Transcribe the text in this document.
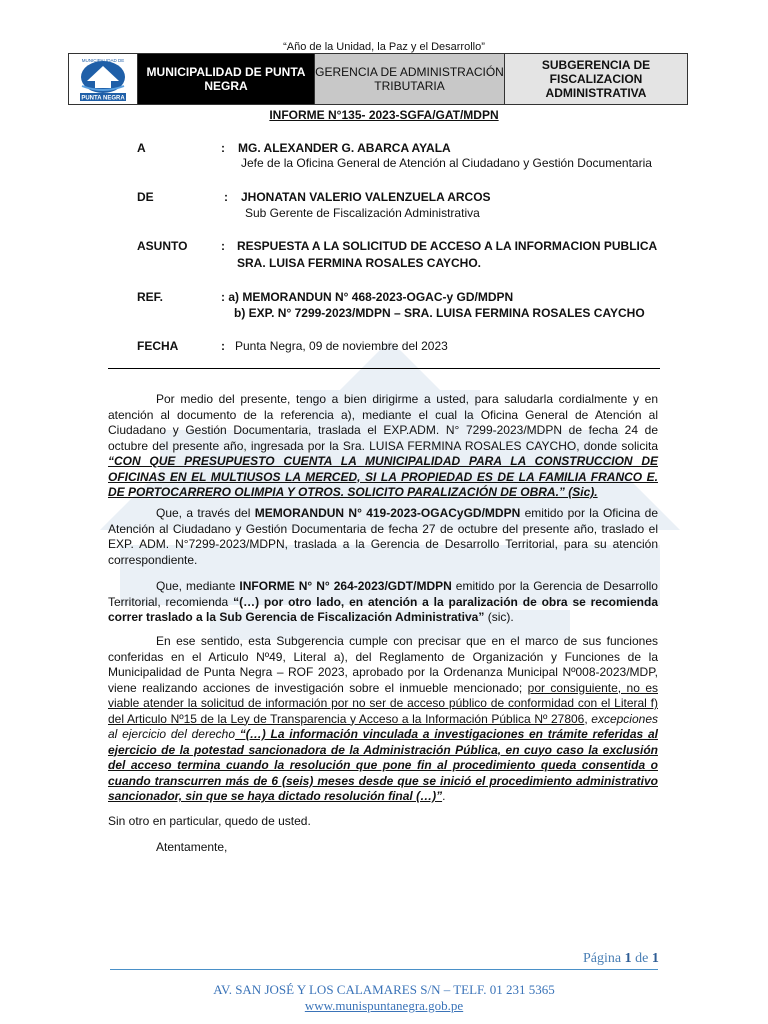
“Año de la Unidad, la Paz y el Desarrollo”
MUNICIPALIDAD DE
PUNTA NEGRA
MUNICIPALIDAD DE PUNTA NEGRA
GERENCIA DE ADMINISTRACIÓN TRIBUTARIA
SUBGERENCIA DE FISCALIZACION ADMINISTRATIVA
INFORME N°135- 2023-SGFA/GAT/MDPN
A	: MG. ALEXANDER G. ABARCA AYALA
Jefe de la Oficina General de Atención al Ciudadano y Gestión Documentaria
DE	: JHONATAN VALERIO VALENZUELA ARCOS
Sub Gerente de Fiscalización Administrativa
ASUNTO	: RESPUESTA A LA SOLICITUD DE ACCESO A LA INFORMACION PUBLICA
SRA. LUISA FERMINA ROSALES CAYCHO.
REF.	: a) MEMORANDUN N° 468-2023-OGAC-y GD/MDPN
b) EXP. N° 7299-2023/MDPN – SRA. LUISA FERMINA ROSALES CAYCHO
FECHA	: Punta Negra, 09 de noviembre del 2023
Por medio del presente, tengo a bien dirigirme a usted, para saludarla cordialmente y en atención al documento de la referencia a), mediante el cual la Oficina General de Atención al Ciudadano y Gestión Documentaria, traslada el EXP.ADM. N° 7299-2023/MDPN de fecha 24 de octubre del presente año, ingresada por la Sra. LUISA FERMINA ROSALES CAYCHO, donde solicita “CON QUE PRESUPUESTO CUENTA LA MUNICIPALIDAD PARA LA CONSTRUCCION DE OFICINAS EN EL MULTIUSOS LA MERCED, SI LA PROPIEDAD ES DE LA FAMILIA FRANCO E. DE PORTOCARRERO OLIMPIA Y OTROS. SOLICITO PARALIZACIÓN DE OBRA.” (Sic).
Que, a través del MEMORANDUN N° 419-2023-OGACyGD/MDPN emitido por la Oficina de Atención al Ciudadano y Gestión Documentaria de fecha 27 de octubre del presente año, traslado el EXP. ADM. N°7299-2023/MDPN, traslada a la Gerencia de Desarrollo Territorial, para su atención correspondiente.
Que, mediante INFORME N° N° 264-2023/GDT/MDPN emitido por la Gerencia de Desarrollo Territorial, recomienda “(…) por otro lado, en atención a la paralización de obra se recomienda correr traslado a la Sub Gerencia de Fiscalización Administrativa” (sic).
En ese sentido, esta Subgerencia cumple con precisar que en el marco de sus funciones conferidas en el Articulo Nº49, Literal a), del Reglamento de Organización y Funciones de la Municipalidad de Punta Negra – ROF 2023, aprobado por la Ordenanza Municipal Nº008-2023/MDP, viene realizando acciones de investigación sobre el inmueble mencionado; por consiguiente, no es viable atender la solicitud de información por no ser de acceso público de conformidad con el Literal f) del Articulo Nº15 de la Ley de Transparencia y Acceso a la Información Pública Nº 27806, excepciones al ejercicio del derecho “(…) La información vinculada a investigaciones en trámite referidas al ejercicio de la potestad sancionadora de la Administración Pública, en cuyo caso la exclusión del acceso termina cuando la resolución que pone fin al procedimiento queda consentida o cuando transcurren más de 6 (seis) meses desde que se inició el procedimiento administrativo sancionador, sin que se haya dictado resolución final (…)”.
Sin otro en particular, quedo de usted.
Atentamente,
Página 1 de 1
AV. SAN JOSÉ Y LOS CALAMARES S/N – TELF. 01 231 5365
www.munispuntanegra.gob.pe
